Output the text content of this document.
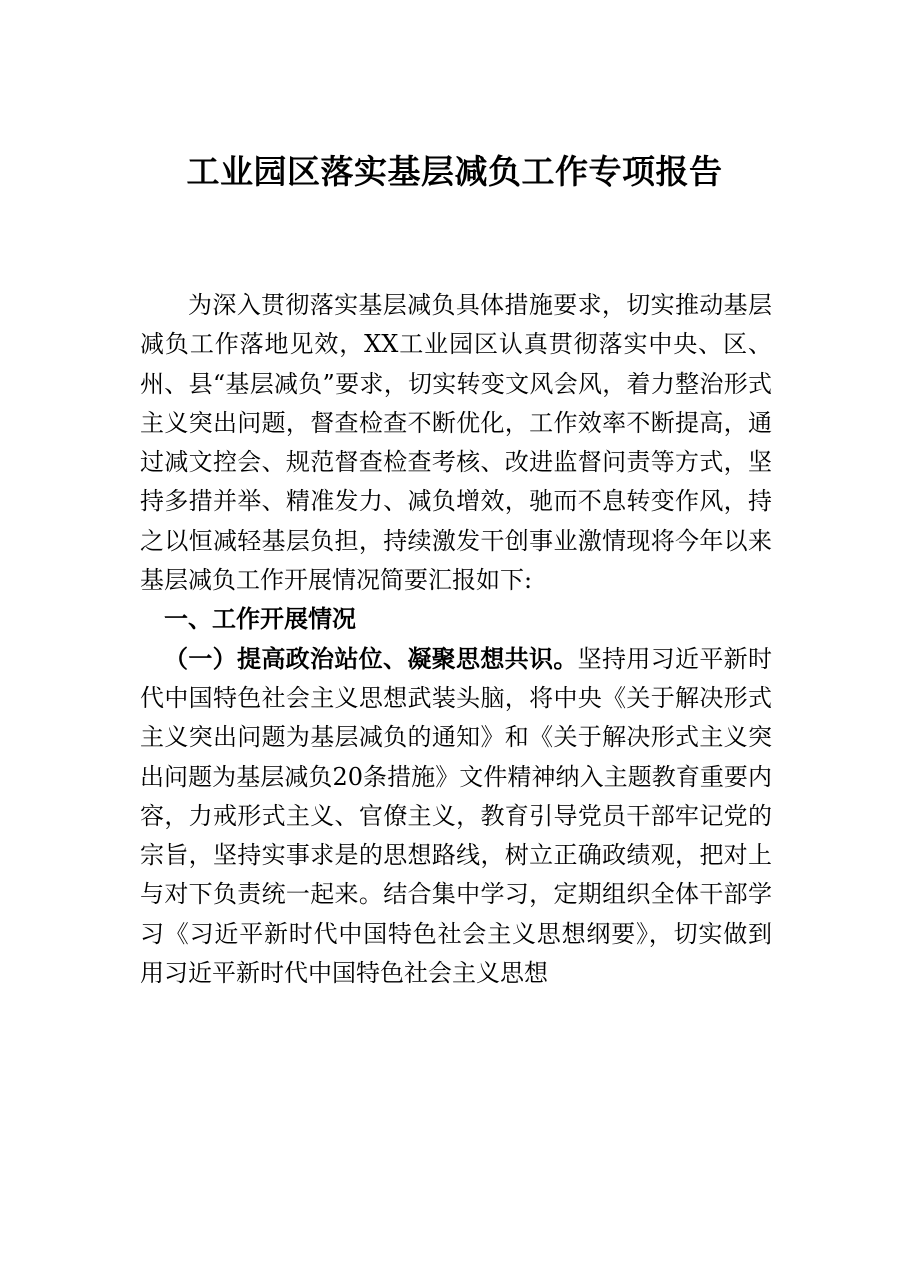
工业园区落实基层减负工作专项报告

为深入贯彻落实基层减负具体措施要求，切实推动基层减负工作落地见效，XX工业园区认真贯彻落实中央、区、州、县“基层减负”要求，切实转变文风会风，着力整治形式主义突出问题，督查检查不断优化，工作效率不断提高，通过减文控会、规范督查检查考核、改进监督问责等方式，坚持多措并举、精准发力、减负增效，驰而不息转变作风，持之以恒减轻基层负担，持续激发干创事业激情现将今年以来基层减负工作开展情况简要汇报如下:

一、工作开展情况

（一）提高政治站位、凝聚思想共识。坚持用习近平新时代中国特色社会主义思想武装头脑，将中央《关于解决形式主义突出问题为基层减负的通知》和《关于解决形式主义突出问题为基层减负20条措施》文件精神纳入主题教育重要内容，力戒形式主义、官僚主义，教育引导党员干部牢记党的宗旨，坚持实事求是的思想路线，树立正确政绩观，把对上与对下负责统一起来。结合集中学习，定期组织全体干部学习《习近平新时代中国特色社会主义思想纲要》，切实做到用习近平新时代中国特色社会主义思想
